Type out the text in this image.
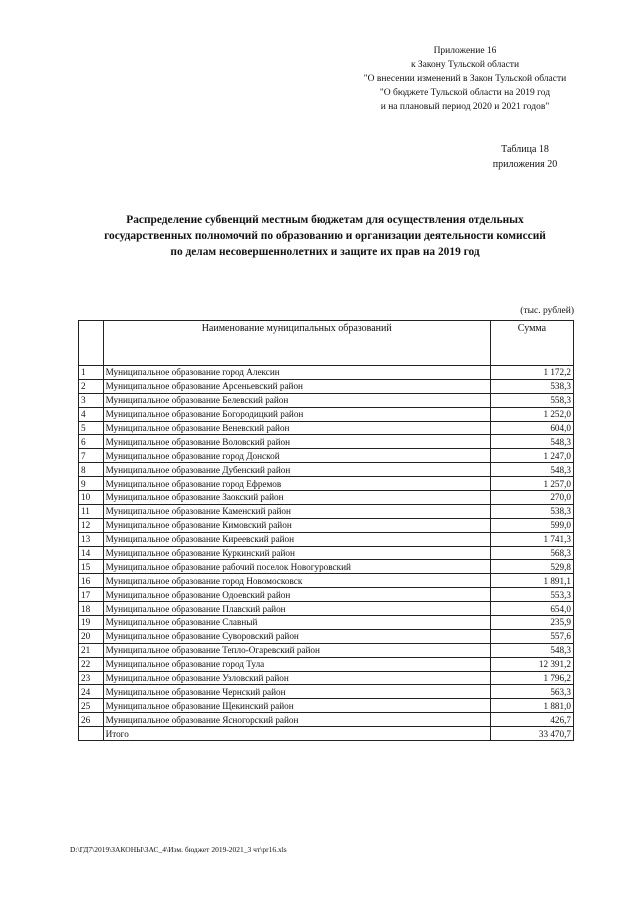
Приложение 16
к Закону Тульской области
"О внесении изменений в Закон Тульской области
"О бюджете Тульской области на 2019 год
и на плановый период 2020 и 2021 годов"
Таблица 18
приложения 20
Распределение субвенций местным бюджетам для осуществления отдельных
государственных полномочий по образованию и организации деятельности комиссий
по делам несовершеннолетних и защите их прав на 2019 год
(тыс. рублей)
	Наименование муниципальных образований	Сумма
1	Муниципальное образование город Алексин	1 172,2
2	Муниципальное образование Арсеньевский район	538,3
3	Муниципальное образование Белевский район	558,3
4	Муниципальное образование Богородицкий район	1 252,0
5	Муниципальное образование Веневский район	604,0
6	Муниципальное образование Воловский район	548,3
7	Муниципальное образование город Донской	1 247,0
8	Муниципальное образование Дубенский район	548,3
9	Муниципальное образование город Ефремов	1 257,0
10	Муниципальное образование Заокский район	270,0
11	Муниципальное образование Каменский район	538,3
12	Муниципальное образование Кимовский район	599,0
13	Муниципальное образование Киреевский район	1 741,3
14	Муниципальное образование Куркинский район	568,3
15	Муниципальное образование рабочий поселок Новогуровский	529,8
16	Муниципальное образование город Новомосковск	1 891,1
17	Муниципальное образование Одоевский район	553,3
18	Муниципальное образование Плавский район	654,0
19	Муниципальное образование Славный	235,9
20	Муниципальное образование Суворовский район	557,6
21	Муниципальное образование Тепло-Огаревский район	548,3
22	Муниципальное образование город Тула	12 391,2
23	Муниципальное образование Узловский район	1 796,2
24	Муниципальное образование Чернский район	563,3
25	Муниципальное образование Щекинский район	1 881,0
26	Муниципальное образование Ясногорский район	426,7
	Итого	33 470,7
D:\ГД7\2019\ЗАКОНЫ\ЗАС_4\Изм. бюджет 2019-2021_3 чт\pr16.xls
